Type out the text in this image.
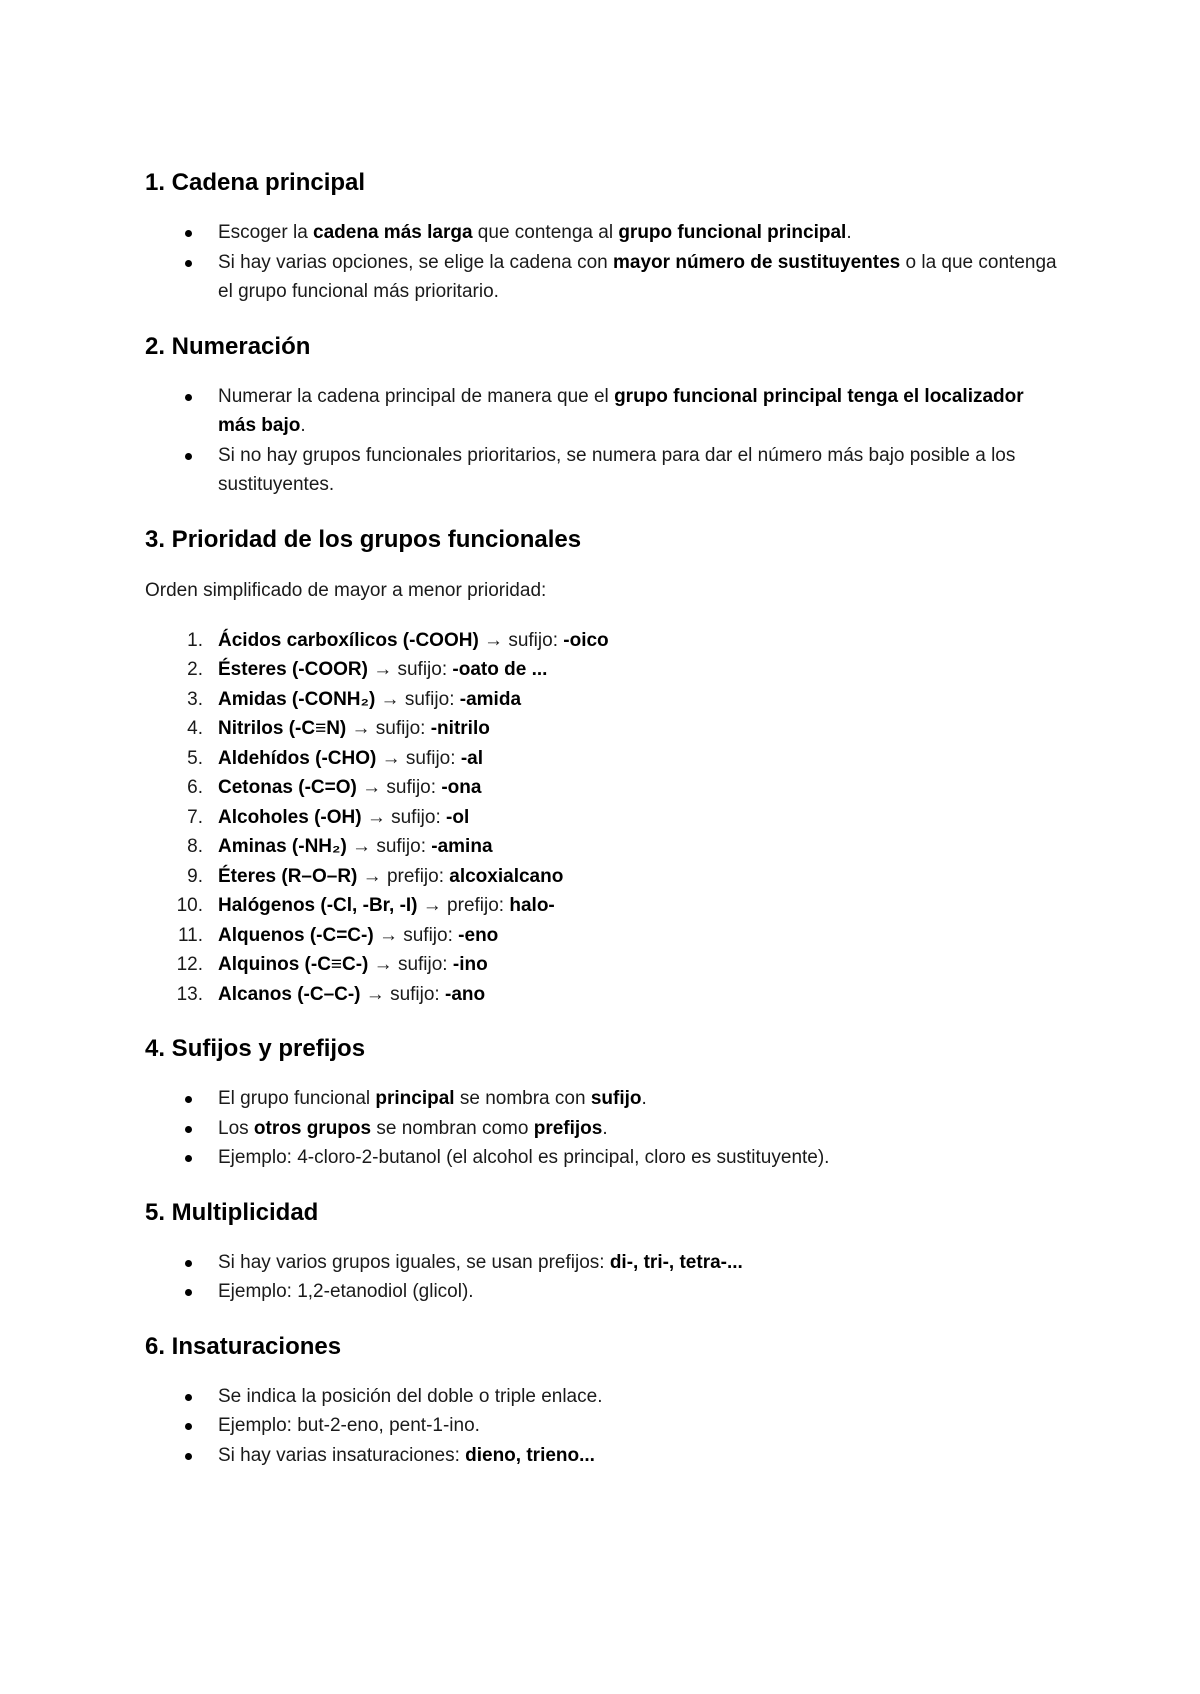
1. Cadena principal
Escoger la cadena más larga que contenga al grupo funcional principal.
Si hay varias opciones, se elige la cadena con mayor número de sustituyentes o la que contenga el grupo funcional más prioritario.
2. Numeración
Numerar la cadena principal de manera que el grupo funcional principal tenga el localizador más bajo.
Si no hay grupos funcionales prioritarios, se numera para dar el número más bajo posible a los sustituyentes.
3. Prioridad de los grupos funcionales

Orden simplificado de mayor a menor prioridad:

1. Ácidos carboxílicos (-COOH) → sufijo: -oico
2. Ésteres (-COOR) → sufijo: -oato de ...
3. Amidas (-CONH₂) → sufijo: -amida
4. Nitrilos (-C≡N) → sufijo: -nitrilo
5. Aldehídos (-CHO) → sufijo: -al
6. Cetonas (-C=O) → sufijo: -ona
7. Alcoholes (-OH) → sufijo: -ol
8. Aminas (-NH₂) → sufijo: -amina
9. Éteres (R–O–R) → prefijo: alcoxialcano
10. Halógenos (-Cl, -Br, -I) → prefijo: halo-
11. Alquenos (-C=C-) → sufijo: -eno
12. Alquinos (-C≡C-) → sufijo: -ino
13. Alcanos (-C–C-) → sufijo: -ano
4. Sufijos y prefijos
El grupo funcional principal se nombra con sufijo.
Los otros grupos se nombran como prefijos.
Ejemplo: 4-cloro-2-butanol (el alcohol es principal, cloro es sustituyente).
5. Multiplicidad
Si hay varios grupos iguales, se usan prefijos: di-, tri-, tetra-...
Ejemplo: 1,2-etanodiol (glicol).
6. Insaturaciones
Se indica la posición del doble o triple enlace.
Ejemplo: but-2-eno, pent-1-ino.
Si hay varias insaturaciones: dieno, trieno...
